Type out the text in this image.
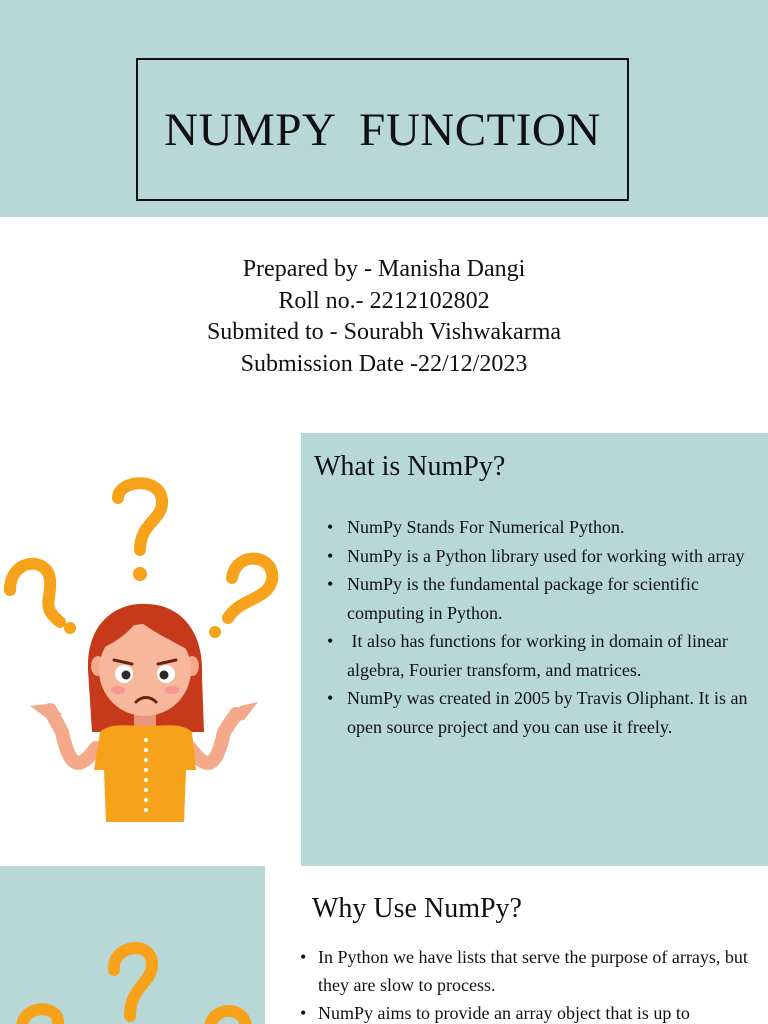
NUMPY  FUNCTION
Prepared by - Manisha Dangi
Roll no.- 2212102802
Submited to - Sourabh Vishwakarma
Submission Date -22/12/2023
What is NumPy?
• NumPy Stands For Numerical Python.
• NumPy is a Python library used for working with array
• NumPy is the fundamental package for scientific computing in Python.
• It also has functions for working in domain of linear algebra, Fourier transform, and matrices.
• NumPy was created in 2005 by Travis Oliphant. It is an open source project and you can use it freely.
Why Use NumPy?
• In Python we have lists that serve the purpose of arrays, but they are slow to process.
• NumPy aims to provide an array object that is up to
